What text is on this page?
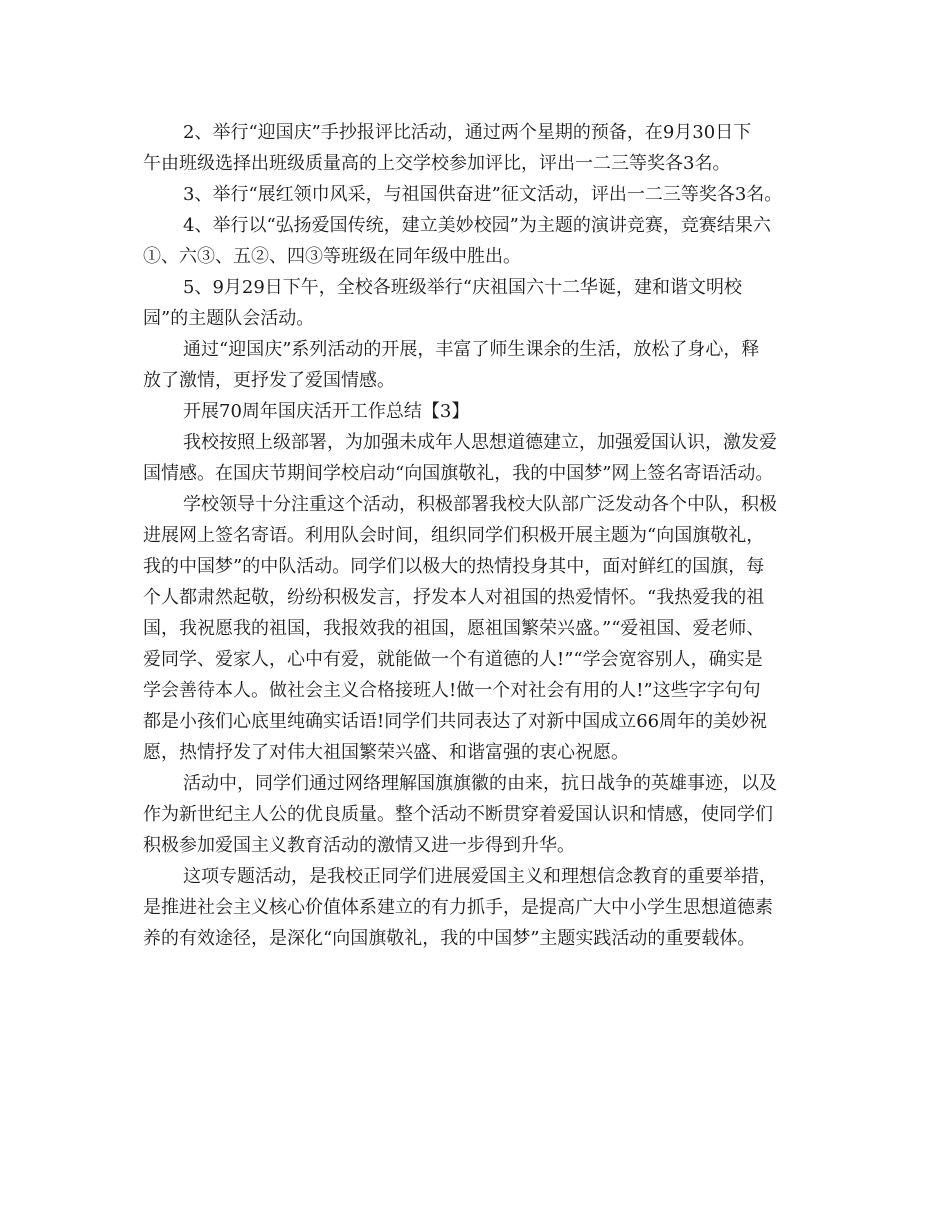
2、举行“迎国庆”手抄报评比活动，通过两个星期的预备，在9月30日下
午由班级选择出班级质量高的上交学校参加评比，评出一二三等奖各3名。
3、举行“展红领巾风采，与祖国供奋进”征文活动，评出一二三等奖各3名。
4、举行以“弘扬爱国传统，建立美妙校园”为主题的演讲竞赛，竞赛结果六
①、六③、五②、四③等班级在同年级中胜出。
5、9月29日下午，全校各班级举行“庆祖国六十二华诞，建和谐文明校
园”的主题队会活动。
通过“迎国庆”系列活动的开展，丰富了师生课余的生活，放松了身心，释
放了激情，更抒发了爱国情感。
开展70周年国庆活开工作总结【3】
我校按照上级部署，为加强未成年人思想道德建立，加强爱国认识，激发爱
国情感。在国庆节期间学校启动“向国旗敬礼，我的中国梦”网上签名寄语活动。
学校领导十分注重这个活动，积极部署我校大队部广泛发动各个中队，积极
进展网上签名寄语。利用队会时间，组织同学们积极开展主题为“向国旗敬礼，
我的中国梦”的中队活动。同学们以极大的热情投身其中，面对鲜红的国旗，每
个人都肃然起敬，纷纷积极发言，抒发本人对祖国的热爱情怀。“我热爱我的祖
国，我祝愿我的祖国，我报效我的祖国，愿祖国繁荣兴盛。”“爱祖国、爱老师、
爱同学、爱家人，心中有爱，就能做一个有道德的人!”“学会宽容别人，确实是
学会善待本人。做社会主义合格接班人!做一个对社会有用的人!”这些字字句句
都是小孩们心底里纯确实话语!同学们共同表达了对新中国成立66周年的美妙祝
愿，热情抒发了对伟大祖国繁荣兴盛、和谐富强的衷心祝愿。
活动中，同学们通过网络理解国旗旗徽的由来，抗日战争的英雄事迹，以及
作为新世纪主人公的优良质量。整个活动不断贯穿着爱国认识和情感，使同学们
积极参加爱国主义教育活动的激情又进一步得到升华。
这项专题活动，是我校正同学们进展爱国主义和理想信念教育的重要举措，
是推进社会主义核心价值体系建立的有力抓手，是提高广大中小学生思想道德素
养的有效途径，是深化“向国旗敬礼，我的中国梦”主题实践活动的重要载体。
